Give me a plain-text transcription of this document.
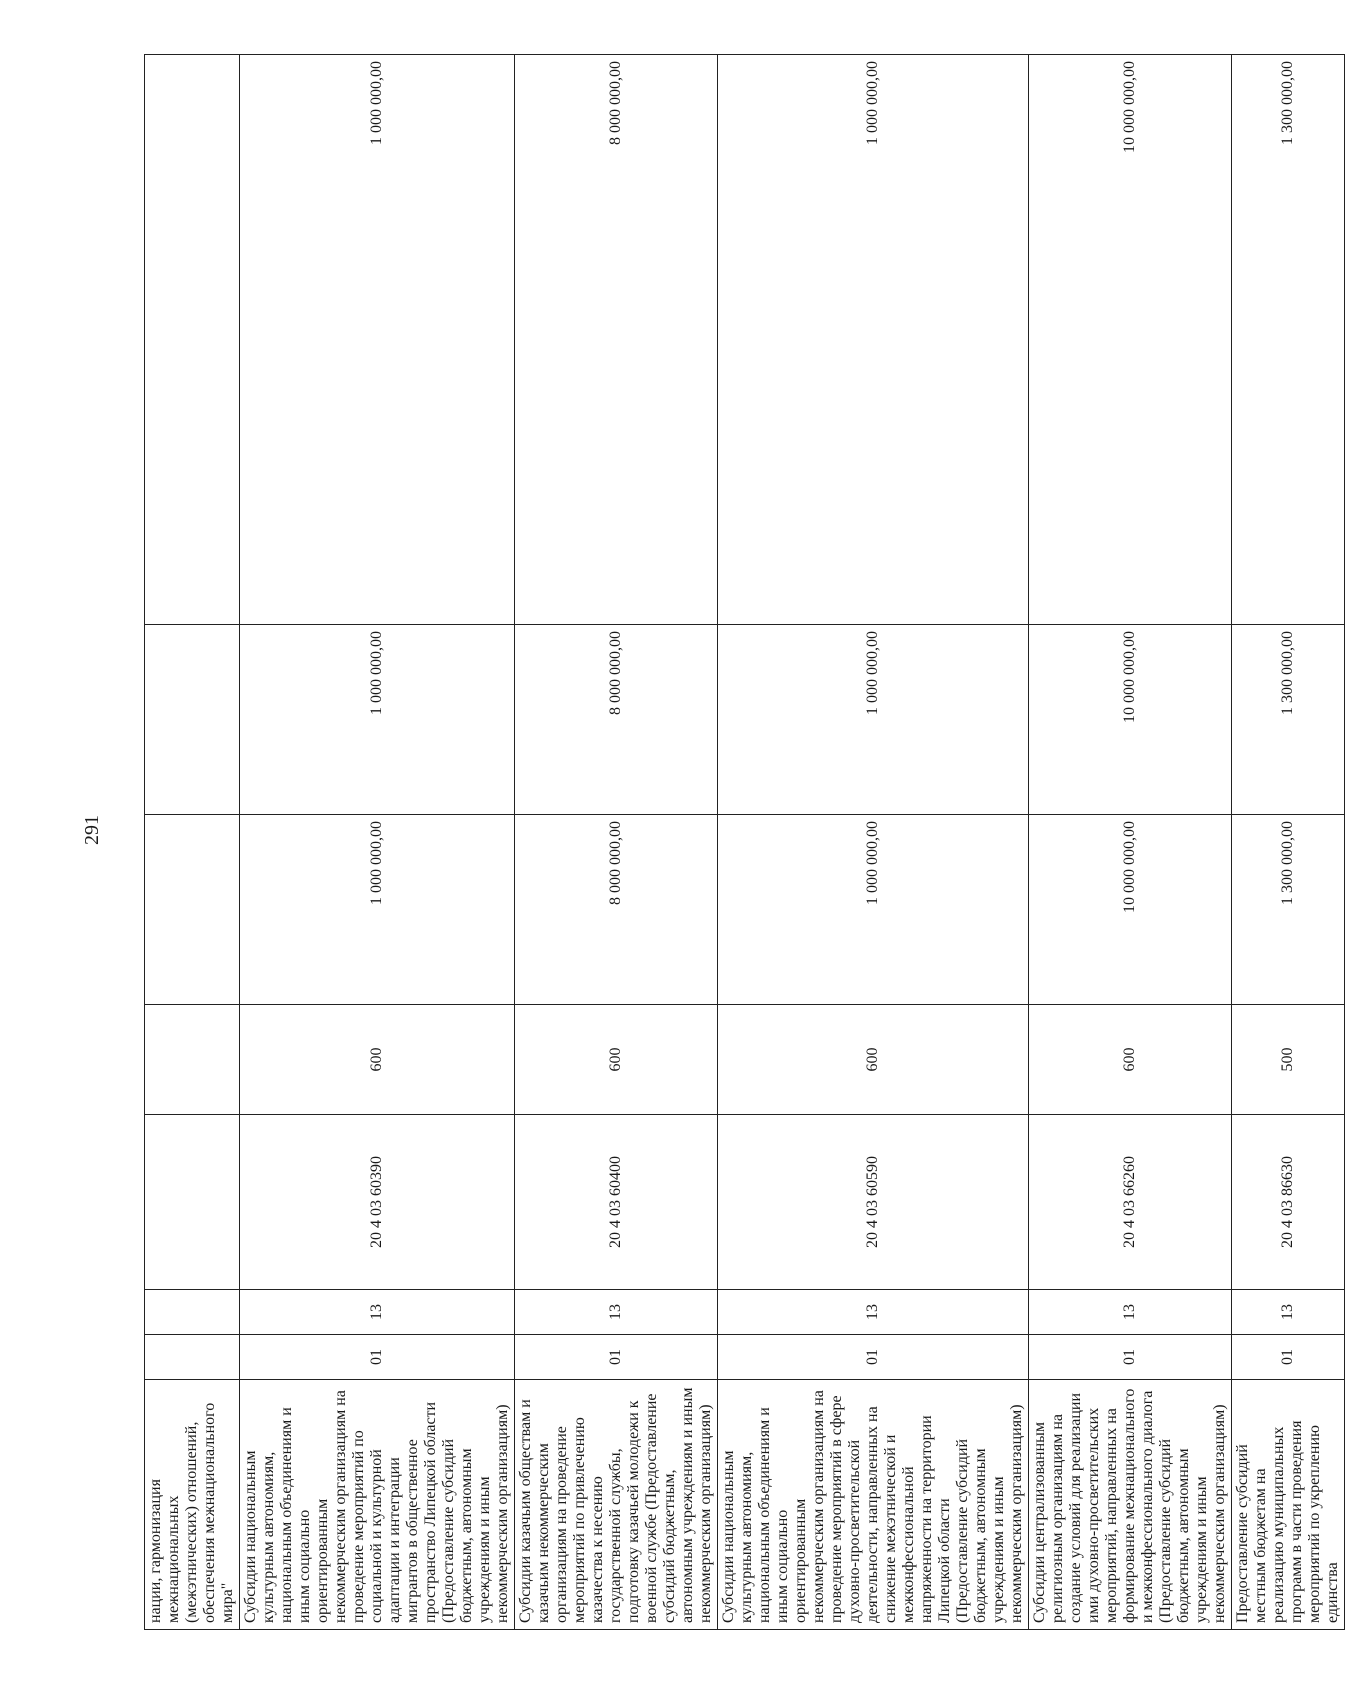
291
нации, гармонизация межнациональных (межэтнических) отношений, обеспечения межнационального мира"							
Субсидии национальным культурным автономиям, национальным объединениям и иным социально ориентированным некоммерческим организациям на проведение мероприятий по социальной и культурной адаптации и интеграции мигрантов в общественное пространство Липецкой области (Предоставление субсидий бюджетным, автономным учреждениям и иным некоммерческим организациям)	01	13	20 4 03 60390	600	1 000 000,00	1 000 000,00	1 000 000,00
Субсидии казачьим обществам и казачьим некоммерческим организациям на проведение мероприятий по привлечению казачества к несению государственной службы, подготовку казачьей молодежи к военной службе (Предоставление субсидий бюджетным, автономным учреждениям и иным некоммерческим организациям)	01	13	20 4 03 60400	600	8 000 000,00	8 000 000,00	8 000 000,00
Субсидии национальным культурным автономиям, национальным объединениям и иным социально ориентированным некоммерческим организациям на проведение мероприятий в сфере духовно-просветительской деятельности, направленных на снижение межэтнической и межконфессиональной напряженности на территории Липецкой области (Предоставление субсидий бюджетным, автономным учреждениям и иным некоммерческим организациям)	01	13	20 4 03 60590	600	1 000 000,00	1 000 000,00	1 000 000,00
Субсидии централизованным религиозным организациям на создание условий для реализации ими духовно-просветительских мероприятий, направленных на формирование межнационального и межконфессионального диалога (Предоставление субсидий бюджетным, автономным учреждениям и иным некоммерческим организациям)	01	13	20 4 03 66260	600	10 000 000,00	10 000 000,00	10 000 000,00
Предоставление субсидий местным бюджетам на реализацию муниципальных программ в части проведения мероприятий по укреплению единства	01	13	20 4 03 86630	500	1 300 000,00	1 300 000,00	1 300 000,00
